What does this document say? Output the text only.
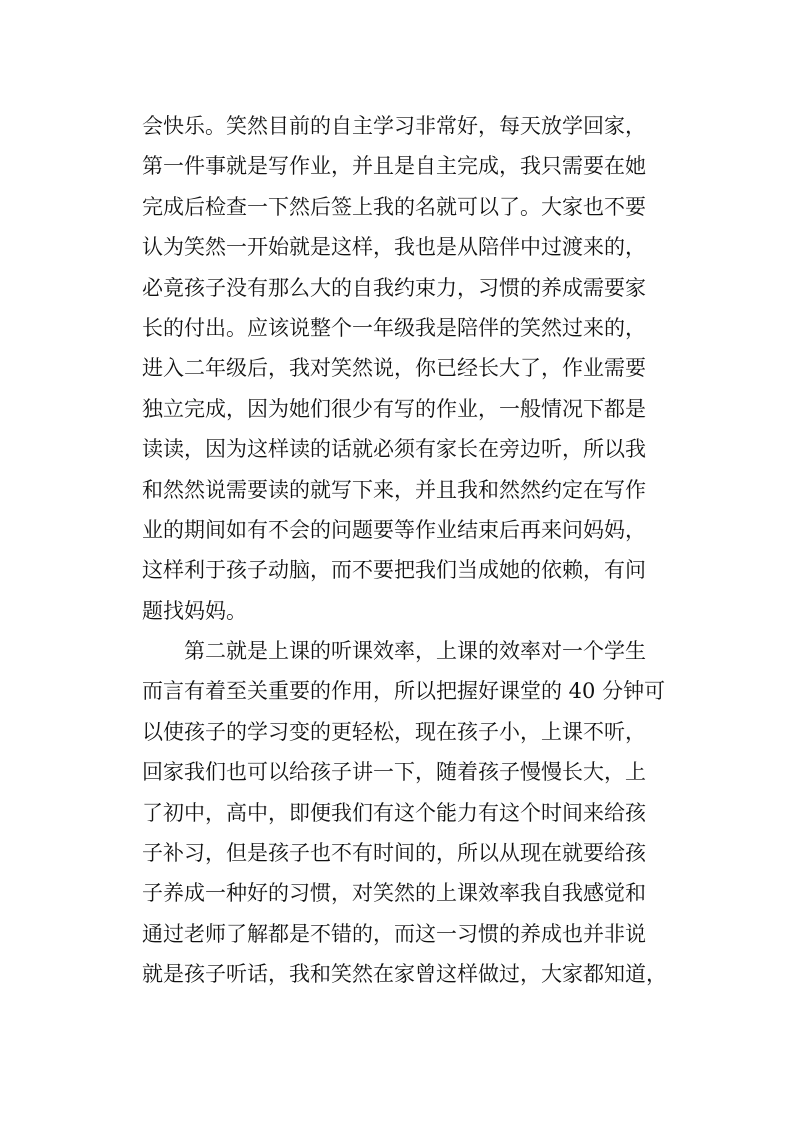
会快乐。笑然目前的自主学习非常好，每天放学回家，
第一件事就是写作业，并且是自主完成，我只需要在她
完成后检查一下然后签上我的名就可以了。大家也不要
认为笑然一开始就是这样，我也是从陪伴中过渡来的，
必竟孩子没有那么大的自我约束力，习惯的养成需要家
长的付出。应该说整个一年级我是陪伴的笑然过来的，
进入二年级后，我对笑然说，你已经长大了，作业需要
独立完成，因为她们很少有写的作业，一般情况下都是
读读，因为这样读的话就必须有家长在旁边听，所以我
和然然说需要读的就写下来，并且我和然然约定在写作
业的期间如有不会的问题要等作业结束后再来问妈妈，
这样利于孩子动脑，而不要把我们当成她的依赖，有问
题找妈妈。
第二就是上课的听课效率，上课的效率对一个学生
而言有着至关重要的作用，所以把握好课堂的 40 分钟可
以使孩子的学习变的更轻松，现在孩子小，上课不听，
回家我们也可以给孩子讲一下，随着孩子慢慢长大，上
了初中，高中，即便我们有这个能力有这个时间来给孩
子补习，但是孩子也不有时间的，所以从现在就要给孩
子养成一种好的习惯，对笑然的上课效率我自我感觉和
通过老师了解都是不错的，而这一习惯的养成也并非说
就是孩子听话，我和笑然在家曾这样做过，大家都知道，
